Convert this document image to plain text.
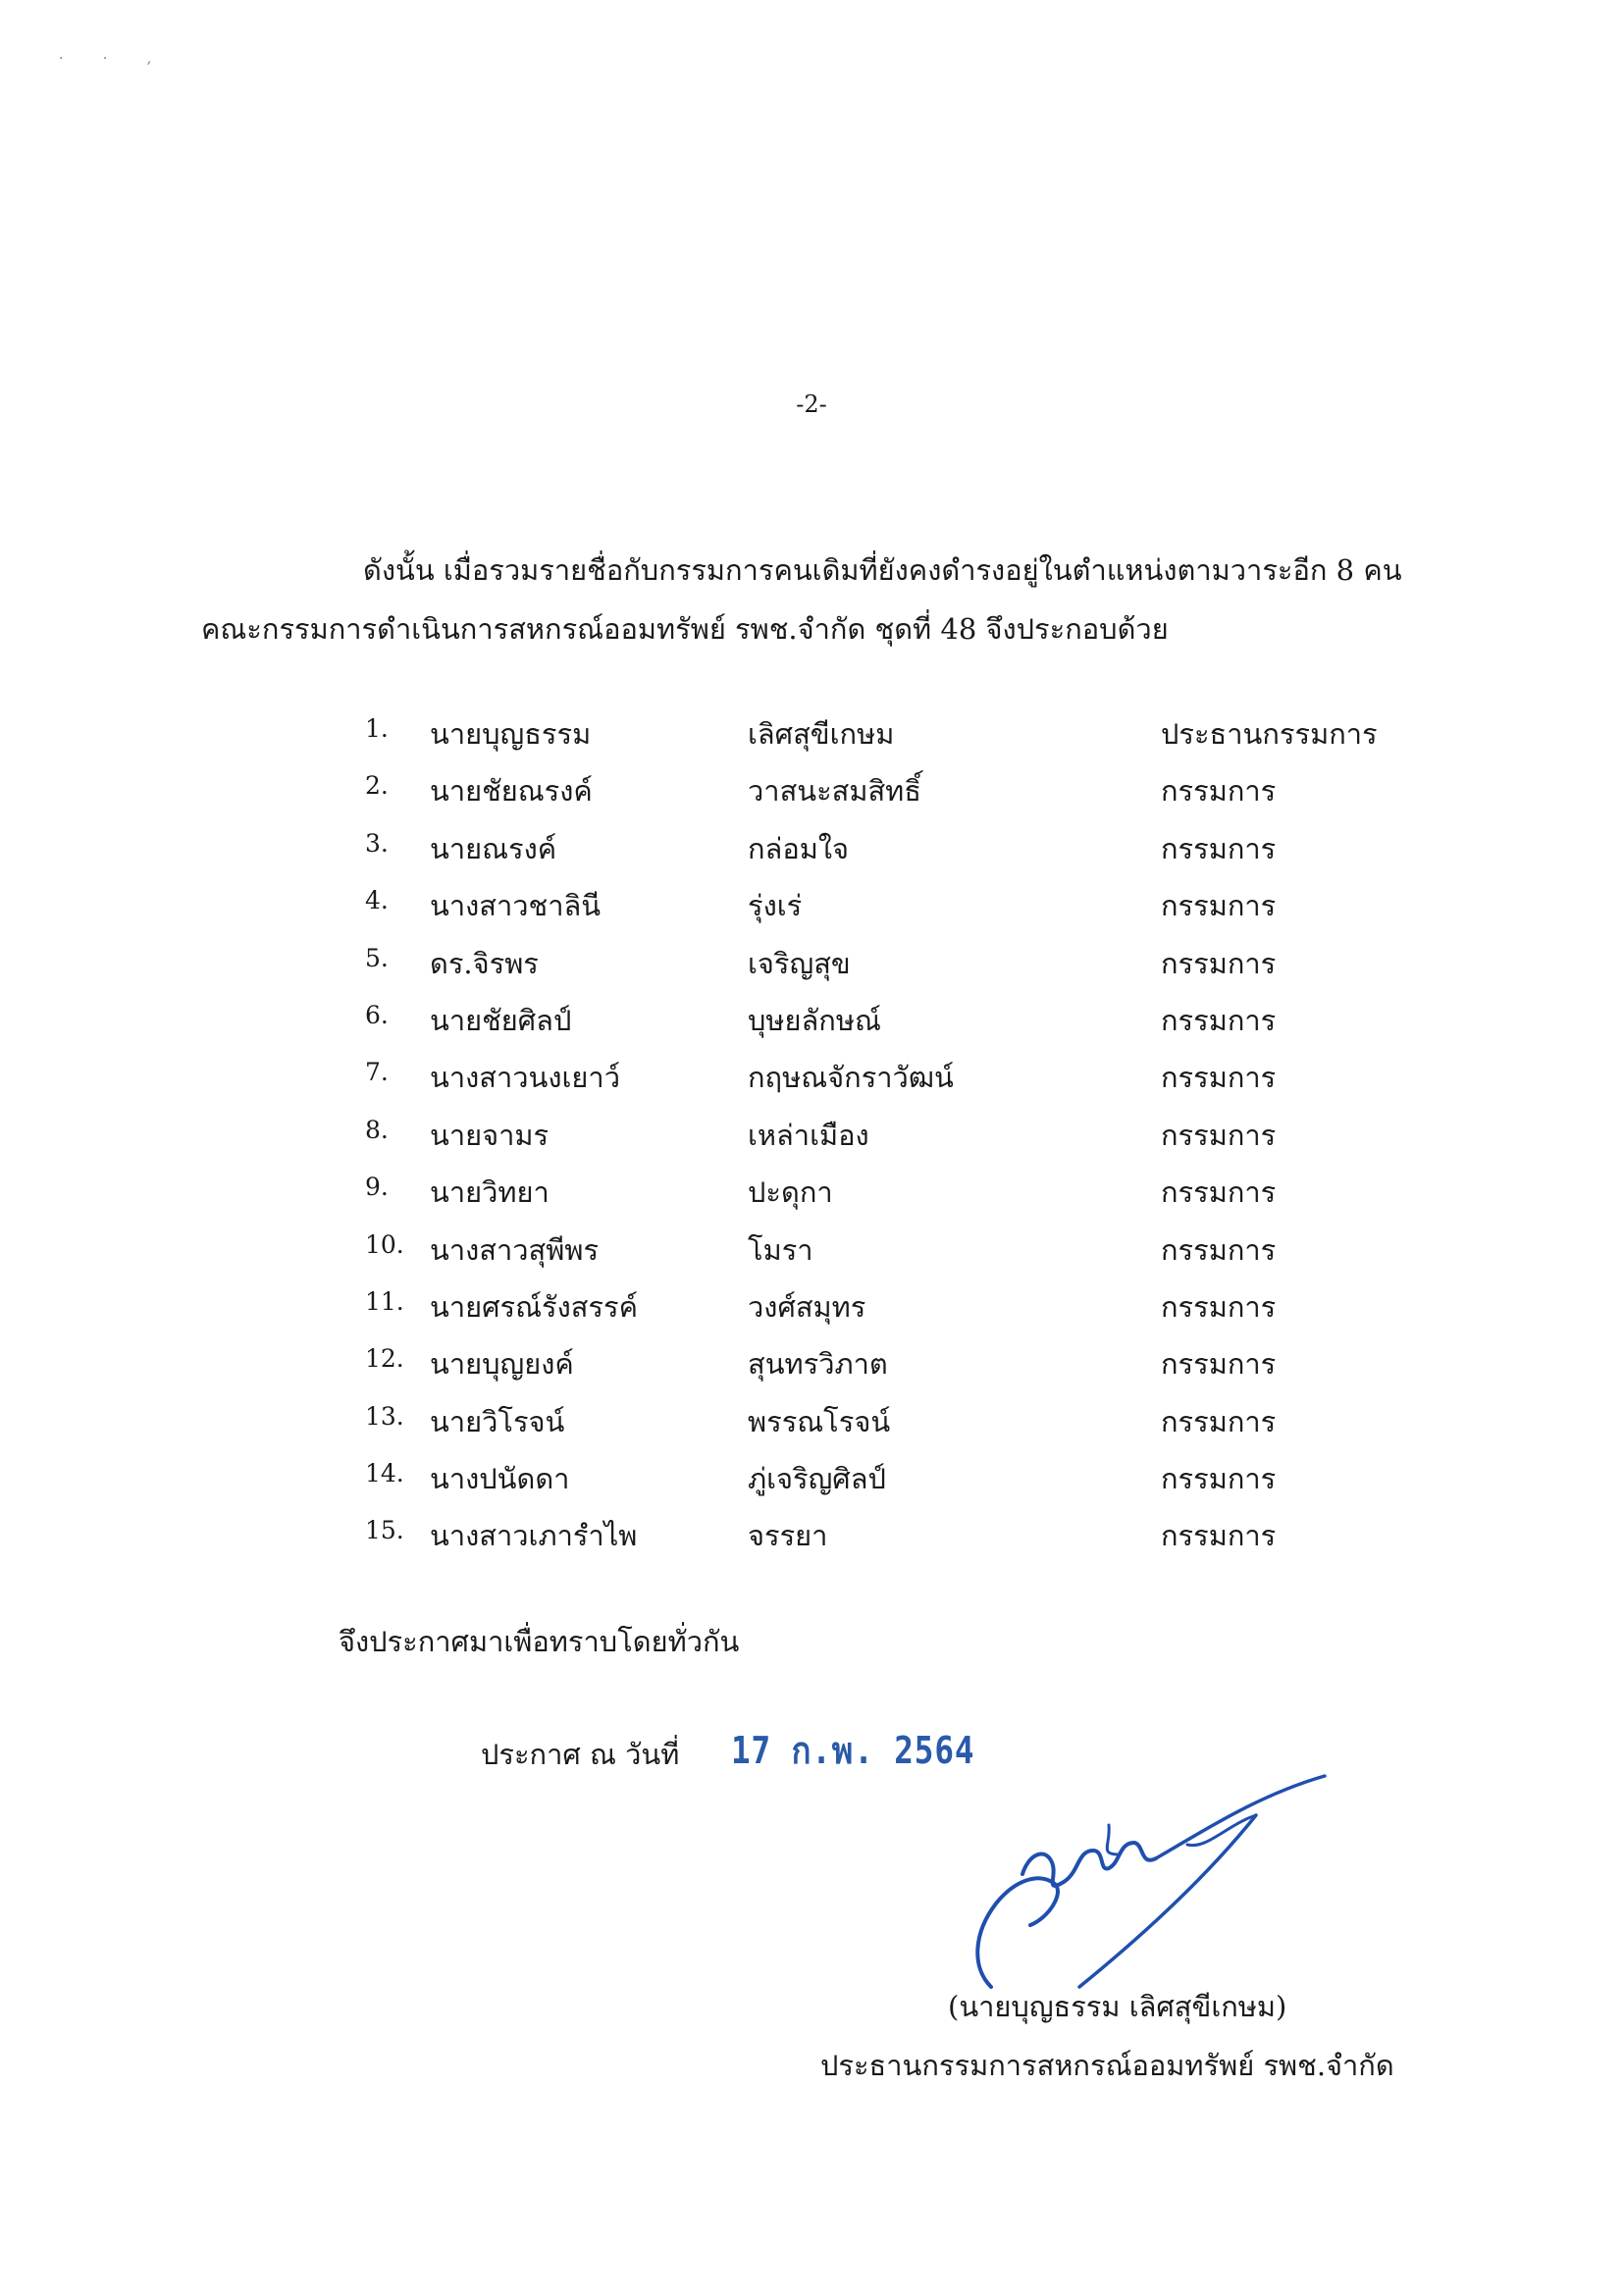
· · ,
-2-
ดังนั้น เมื่อรวมรายชื่อกับกรรมการคนเดิมที่ยังคงดำรงอยู่ในตำแหน่งตามวาระอีก 8 คน
คณะกรรมการดำเนินการสหกรณ์ออมทรัพย์ รพช.จำกัด ชุดที่ 48 จึงประกอบด้วย
1. นายบุญธรรม	เลิศสุขีเกษม	ประธานกรรมการ
2. นายชัยณรงค์	วาสนะสมสิทธิ์	กรรมการ
3. นายณรงค์	กล่อมใจ	กรรมการ
4. นางสาวชาลินี	รุ่งเร่	กรรมการ
5. ดร.จิรพร	เจริญสุข	กรรมการ
6. นายชัยศิลป์	บุษยลักษณ์	กรรมการ
7. นางสาวนงเยาว์	กฤษณจักราวัฒน์	กรรมการ
8. นายจามร	เหล่าเมือง	กรรมการ
9. นายวิทยา	ปะดุกา	กรรมการ
10. นางสาวสุพีพร	โมรา	กรรมการ
11. นายศรณ์รังสรรค์	วงศ์สมุทร	กรรมการ
12. นายบุญยงค์	สุนทรวิภาต	กรรมการ
13. นายวิโรจน์	พรรณโรจน์	กรรมการ
14. นางปนัดดา	ภู่เจริญศิลป์	กรรมการ
15. นางสาวเภารำไพ	จรรยา	กรรมการ
จึงประกาศมาเพื่อทราบโดยทั่วกัน
ประกาศ ณ วันที่ 17 ก.พ. 2564
(นายบุญธรรม เลิศสุขีเกษม)
ประธานกรรมการสหกรณ์ออมทรัพย์ รพช.จำกัด
